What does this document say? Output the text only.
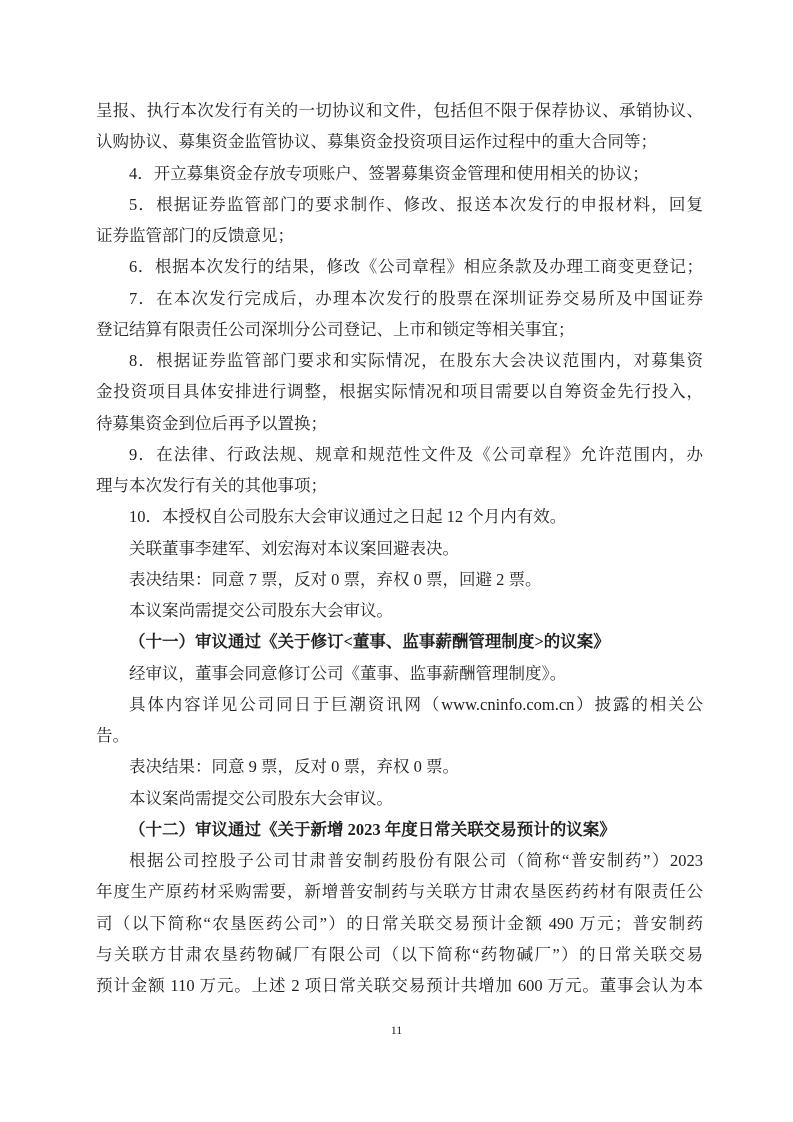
呈报、执行本次发行有关的一切协议和文件，包括但不限于保荐协议、承销协议、
认购协议、募集资金监管协议、募集资金投资项目运作过程中的重大合同等；
4．开立募集资金存放专项账户、签署募集资金管理和使用相关的协议；
5．根据证券监管部门的要求制作、修改、报送本次发行的申报材料，回复
证券监管部门的反馈意见；
6．根据本次发行的结果，修改《公司章程》相应条款及办理工商变更登记；
7．在本次发行完成后，办理本次发行的股票在深圳证券交易所及中国证券
登记结算有限责任公司深圳分公司登记、上市和锁定等相关事宜；
8．根据证券监管部门要求和实际情况，在股东大会决议范围内，对募集资
金投资项目具体安排进行调整，根据实际情况和项目需要以自筹资金先行投入，
待募集资金到位后再予以置换；
9．在法律、行政法规、规章和规范性文件及《公司章程》允许范围内，办
理与本次发行有关的其他事项；
10．本授权自公司股东大会审议通过之日起 12 个月内有效。
关联董事李建军、刘宏海对本议案回避表决。
表决结果：同意 7 票，反对 0 票，弃权 0 票，回避 2 票。
本议案尚需提交公司股东大会审议。
（十一）审议通过《关于修订<董事、监事薪酬管理制度>的议案》
经审议，董事会同意修订公司《董事、监事薪酬管理制度》。
具体内容详见公司同日于巨潮资讯网（www.cninfo.com.cn）披露的相关公
告。
表决结果：同意 9 票，反对 0 票，弃权 0 票。
本议案尚需提交公司股东大会审议。
（十二）审议通过《关于新增 2023 年度日常关联交易预计的议案》
根据公司控股子公司甘肃普安制药股份有限公司（简称“普安制药”）2023
年度生产原药材采购需要，新增普安制药与关联方甘肃农垦医药药材有限责任公
司（以下简称“农垦医药公司”）的日常关联交易预计金额 490 万元；普安制药
与关联方甘肃农垦药物碱厂有限公司（以下简称“药物碱厂”）的日常关联交易
预计金额 110 万元。上述 2 项日常关联交易预计共增加 600 万元。董事会认为本
11
